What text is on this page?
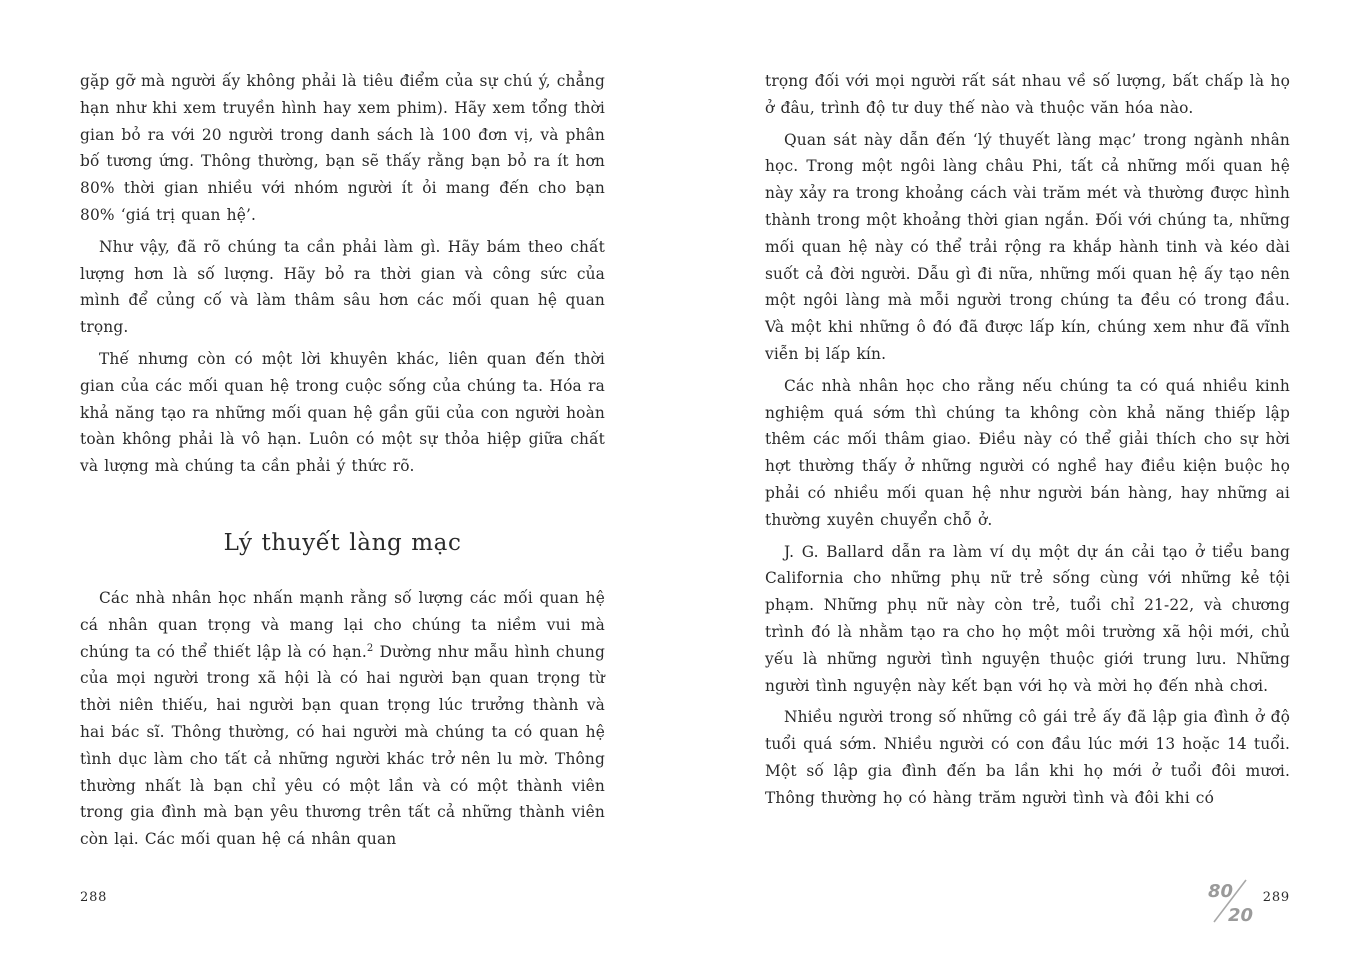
gặp gỡ mà người ấy không phải là tiêu điểm của sự chú ý, chẳng hạn như khi xem truyền hình hay xem phim). Hãy xem tổng thời gian bỏ ra với 20 người trong danh sách là 100 đơn vị, và phân bố tương ứng. Thông thường, bạn sẽ thấy rằng bạn bỏ ra ít hơn 80% thời gian nhiều với nhóm người ít ỏi mang đến cho bạn 80% ‘giá trị quan hệ’.

Như vậy, đã rõ chúng ta cần phải làm gì. Hãy bám theo chất lượng hơn là số lượng. Hãy bỏ ra thời gian và công sức của mình để củng cố và làm thâm sâu hơn các mối quan hệ quan trọng.

Thế nhưng còn có một lời khuyên khác, liên quan đến thời gian của các mối quan hệ trong cuộc sống của chúng ta. Hóa ra khả năng tạo ra những mối quan hệ gần gũi của con người hoàn toàn không phải là vô hạn. Luôn có một sự thỏa hiệp giữa chất và lượng mà chúng ta cần phải ý thức rõ.

Lý thuyết làng mạc

Các nhà nhân học nhấn mạnh rằng số lượng các mối quan hệ cá nhân quan trọng và mang lại cho chúng ta niềm vui mà chúng ta có thể thiết lập là có hạn.$^2$ Dường như mẫu hình chung của mọi người trong xã hội là có hai người bạn quan trọng từ thời niên thiếu, hai người bạn quan trọng lúc trưởng thành và hai bác sĩ. Thông thường, có hai người mà chúng ta có quan hệ tình dục làm cho tất cả những người khác trở nên lu mờ. Thông thường nhất là bạn chỉ yêu có một lần và có một thành viên trong gia đình mà bạn yêu thương trên tất cả những thành viên còn lại. Các mối quan hệ cá nhân quan

288

trọng đối với mọi người rất sát nhau về số lượng, bất chấp là họ ở đâu, trình độ tư duy thế nào và thuộc văn hóa nào.

Quan sát này dẫn đến ‘lý thuyết làng mạc’ trong ngành nhân học. Trong một ngôi làng châu Phi, tất cả những mối quan hệ này xảy ra trong khoảng cách vài trăm mét và thường được hình thành trong một khoảng thời gian ngắn. Đối với chúng ta, những mối quan hệ này có thể trải rộng ra khắp hành tinh và kéo dài suốt cả đời người. Dẫu gì đi nữa, những mối quan hệ ấy tạo nên một ngôi làng mà mỗi người trong chúng ta đều có trong đầu. Và một khi những ô đó đã được lấp kín, chúng xem như đã vĩnh viễn bị lấp kín.

Các nhà nhân học cho rằng nếu chúng ta có quá nhiều kinh nghiệm quá sớm thì chúng ta không còn khả năng thiếp lập thêm các mối thâm giao. Điều này có thể giải thích cho sự hời hợt thường thấy ở những người có nghề hay điều kiện buộc họ phải có nhiều mối quan hệ như người bán hàng, hay những ai thường xuyên chuyển chỗ ở.

J. G. Ballard dẫn ra làm ví dụ một dự án cải tạo ở tiểu bang California cho những phụ nữ trẻ sống cùng với những kẻ tội phạm. Những phụ nữ này còn trẻ, tuổi chỉ 21-22, và chương trình đó là nhằm tạo ra cho họ một môi trường xã hội mới, chủ yếu là những người tình nguyện thuộc giới trung lưu. Những người tình nguyện này kết bạn với họ và mời họ đến nhà chơi.

Nhiều người trong số những cô gái trẻ ấy đã lập gia đình ở độ tuổi quá sớm. Nhiều người có con đầu lúc mới 13 hoặc 14 tuổi. Một số lập gia đình đến ba lần khi họ mới ở tuổi đôi mươi. Thông thường họ có hàng trăm người tình và đôi khi có

80
20
289
